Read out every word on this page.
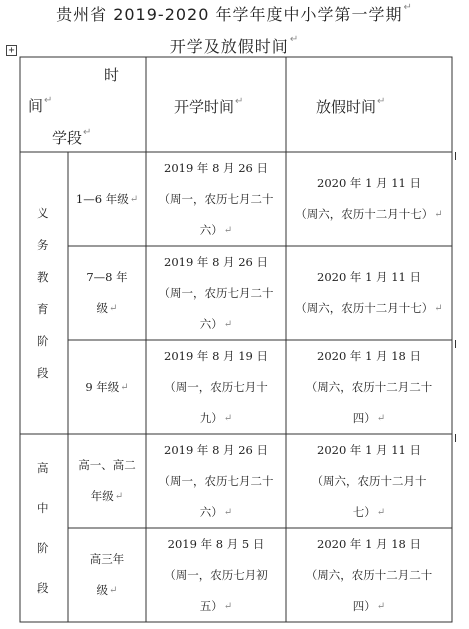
贵州省 2019-2020 年学年度中小学第一学期↵
开学及放假时间↵
+
时
间↵
学段↵
开学时间↵	放假时间↵
义
务
教
育
阶
段
1—6 年级↵
2019 年 8 月 26 日
（周一，农历七月二十
六）↵
2020 年 1 月 11 日
（周六，农历十二月十七）↵
7—8 年
级↵
2019 年 8 月 26 日
（周一，农历七月二十
六）↵
2020 年 1 月 11 日
（周六，农历十二月十七）↵
9 年级↵
2019 年 8 月 19 日
（周一，农历七月十
九）↵
2020 年 1 月 18 日
（周六，农历十二月二十
四）↵
高
中
阶
段
高一、高二
年级↵
2019 年 8 月 26 日
（周一，农历七月二十
六）↵
2020 年 1 月 11 日
（周六，农历十二月十
七）↵
高三年
级↵
2019 年 8 月 5 日
（周一，农历七月初
五）↵
2020 年 1 月 18 日
（周六，农历十二月二十
四）↵
